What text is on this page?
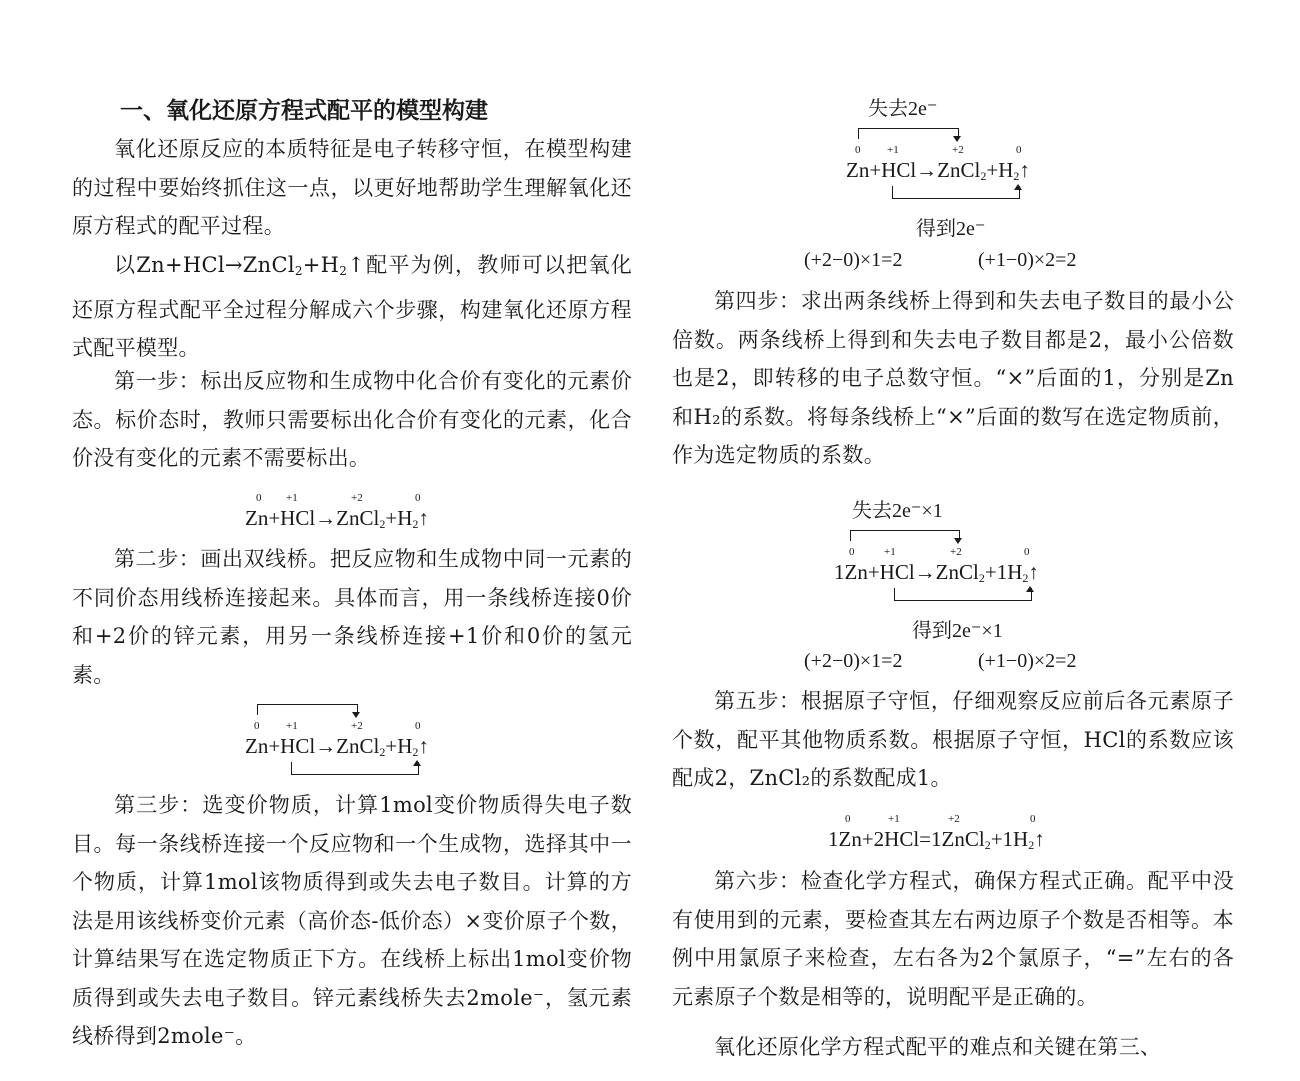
一、氧化还原方程式配平的模型构建
氧化还原反应的本质特征是电子转移守恒，在模型构建的过程中要始终抓住这一点，以更好地帮助学生理解氧化还原方程式的配平过程。
以$Zn+HCl\to ZnCl_2+H_2↑$配平为例，教师可以把氧化还原方程式配平全过程分解成六个步骤，构建氧化还原方程式配平模型。
第一步：标出反应物和生成物中化合价有变化的元素价态。标价态时，教师只需要标出化合价有变化的元素，化合价没有变化的元素不需要标出。
0 +1	+2	0
$Zn+HCl\to ZnCl_2+H_2↑$
第二步：画出双线桥。把反应物和生成物中同一元素的不同价态用线桥连接起来。具体而言，用一条线桥连接0价和+2价的锌元素，用另一条线桥连接+1价和0价的氢元素。
0 +1	+2	0
$Zn+HCl\to ZnCl_2+H_2↑$
第三步：选变价物质，计算1mol变价物质得失电子数目。每一条线桥连接一个反应物和一个生成物，选择其中一个物质，计算1mol该物质得到或失去电子数目。计算的方法是用该线桥变价元素（高价态-低价态）×变价原子个数，计算结果写在选定物质正下方。在线桥上标出1mol变价物质得到或失去电子数目。锌元素线桥失去2mole⁻，氢元素线桥得到2mole⁻。
失去2e⁻
0 +1	+2	0
$Zn+HCl\to ZnCl_2+H_2↑$
得到2e⁻
(+2−0)×1=2	(+1−0)×2=2
第四步：求出两条线桥上得到和失去电子数目的最小公倍数。两条线桥上得到和失去电子数目都是2，最小公倍数也是2，即转移的电子总数守恒。“×”后面的1，分别是Zn和H₂的系数。将每条线桥上“×”后面的数写在选定物质前，作为选定物质的系数。
失去2e⁻×1
0	+1	+2	0
$1Zn+HCl\to ZnCl_2+1H_2↑$
得到2e⁻×1
(+2−0)×1=2	(+1−0)×2=2
第五步：根据原子守恒，仔细观察反应前后各元素原子个数，配平其他物质系数。根据原子守恒，HCl的系数应该配成2，ZnCl₂的系数配成1。
0	+1	+2	0
$1Zn+2HCl=1ZnCl_2+1H_2↑$
第六步：检查化学方程式，确保方程式正确。配平中没有使用到的元素，要检查其左右两边原子个数是否相等。本例中用氯原子来检查，左右各为2个氯原子，“=”左右的各元素原子个数是相等的，说明配平是正确的。
氧化还原化学方程式配平的难点和关键在第三、
